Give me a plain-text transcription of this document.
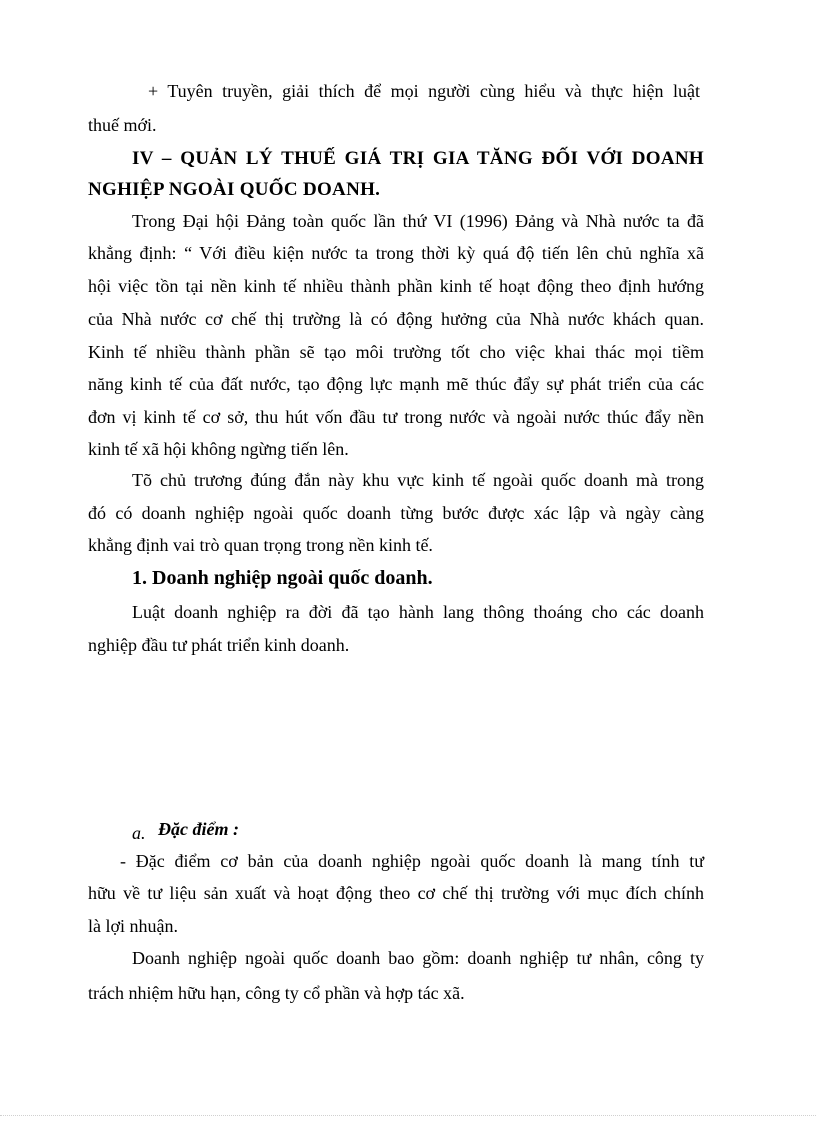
+ Tuyên truyền, giải thích để mọi người cùng hiểu và thực hiện luật
thuế mới.
IV – QUẢN LÝ THUẾ GIÁ TRỊ GIA TĂNG ĐỐI VỚI DOANH
NGHIỆP NGOÀI QUỐC DOANH.
Trong Đại hội Đảng toàn quốc lần thứ VI (1996) Đảng và Nhà nước ta đã
khẳng định: “ Với điều kiện nước ta trong thời kỳ quá độ tiến lên chủ nghĩa xã
hội việc tồn tại nền kinh tế nhiều thành phần kinh tế hoạt động theo định hướng
của Nhà nước cơ chế thị trường là có động hưởng của Nhà nước khách quan.
Kinh tế nhiều thành phần sẽ tạo môi trường tốt cho việc khai thác mọi tiềm
năng kinh tế của đất nước, tạo động lực mạnh mẽ thúc đẩy sự phát triển của các
đơn vị kinh tế cơ sở, thu hút vốn đầu tư trong nước và ngoài nước thúc đẩy nền
kinh tế xã hội không ngừng tiến lên.
Tõ chủ trương đúng đắn này khu vực kinh tế ngoài quốc doanh mà trong
đó có doanh nghiệp ngoài quốc doanh từng bước được xác lập và ngày càng
khẳng định vai trò quan trọng trong nền kinh tế.
1. Doanh nghiệp ngoài quốc doanh.
Luật doanh nghiệp ra đời đã tạo hành lang thông thoáng cho các doanh
nghiệp đầu tư phát triển kinh doanh.
a. Đặc điểm :
- Đặc điểm cơ bản của doanh nghiệp ngoài quốc doanh là mang tính tư
hữu về tư liệu sản xuất và hoạt động theo cơ chế thị trường với mục đích chính
là lợi nhuận.
Doanh nghiệp ngoài quốc doanh bao gồm: doanh nghiệp tư nhân, công ty
trách nhiệm hữu hạn, công ty cổ phần và hợp tác xã.
